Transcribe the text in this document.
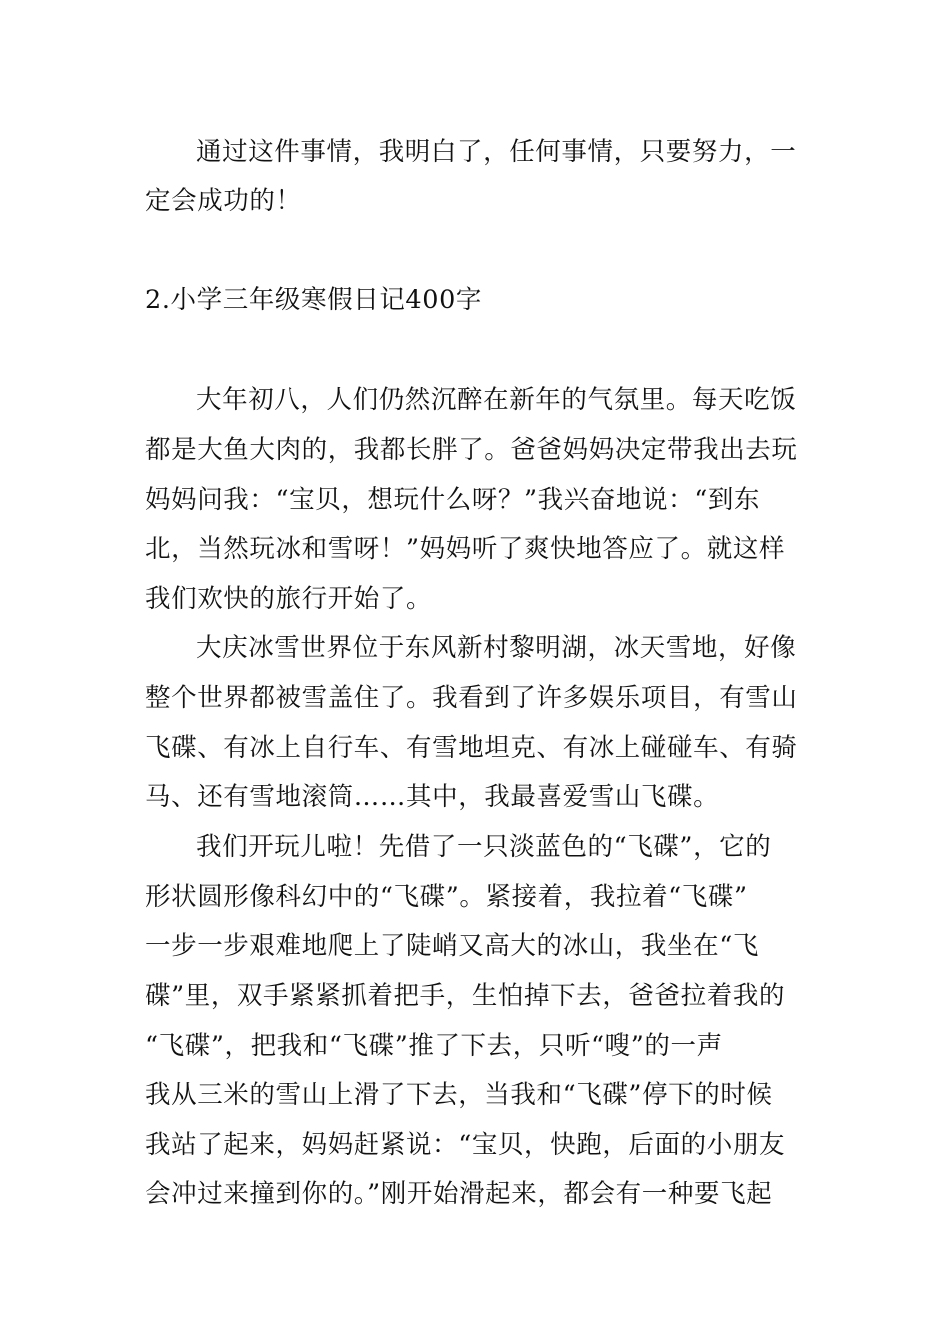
通过这件事情，我明白了，任何事情，只要努力，一
定会成功的！
2.小学三年级寒假日记400字
大年初八，人们仍然沉醉在新年的气氛里。每天吃饭
都是大鱼大肉的，我都长胖了。爸爸妈妈决定带我出去玩
妈妈问我：“宝贝，想玩什么呀？”我兴奋地说：“到东
北，当然玩冰和雪呀！”妈妈听了爽快地答应了。就这样
我们欢快的旅行开始了。
大庆冰雪世界位于东风新村黎明湖，冰天雪地，好像
整个世界都被雪盖住了。我看到了许多娱乐项目，有雪山
飞碟、有冰上自行车、有雪地坦克、有冰上碰碰车、有骑
马、还有雪地滚筒……其中，我最喜爱雪山飞碟。
我们开玩儿啦！先借了一只淡蓝色的“飞碟”，它的
形状圆形像科幻中的“飞碟”。紧接着，我拉着“飞碟”
一步一步艰难地爬上了陡峭又高大的冰山，我坐在“飞
碟”里，双手紧紧抓着把手，生怕掉下去，爸爸拉着我的
“飞碟”，把我和“飞碟”推了下去，只听“嗖”的一声
我从三米的雪山上滑了下去，当我和“飞碟”停下的时候
我站了起来，妈妈赶紧说：“宝贝，快跑，后面的小朋友
会冲过来撞到你的。”刚开始滑起来，都会有一种要飞起
